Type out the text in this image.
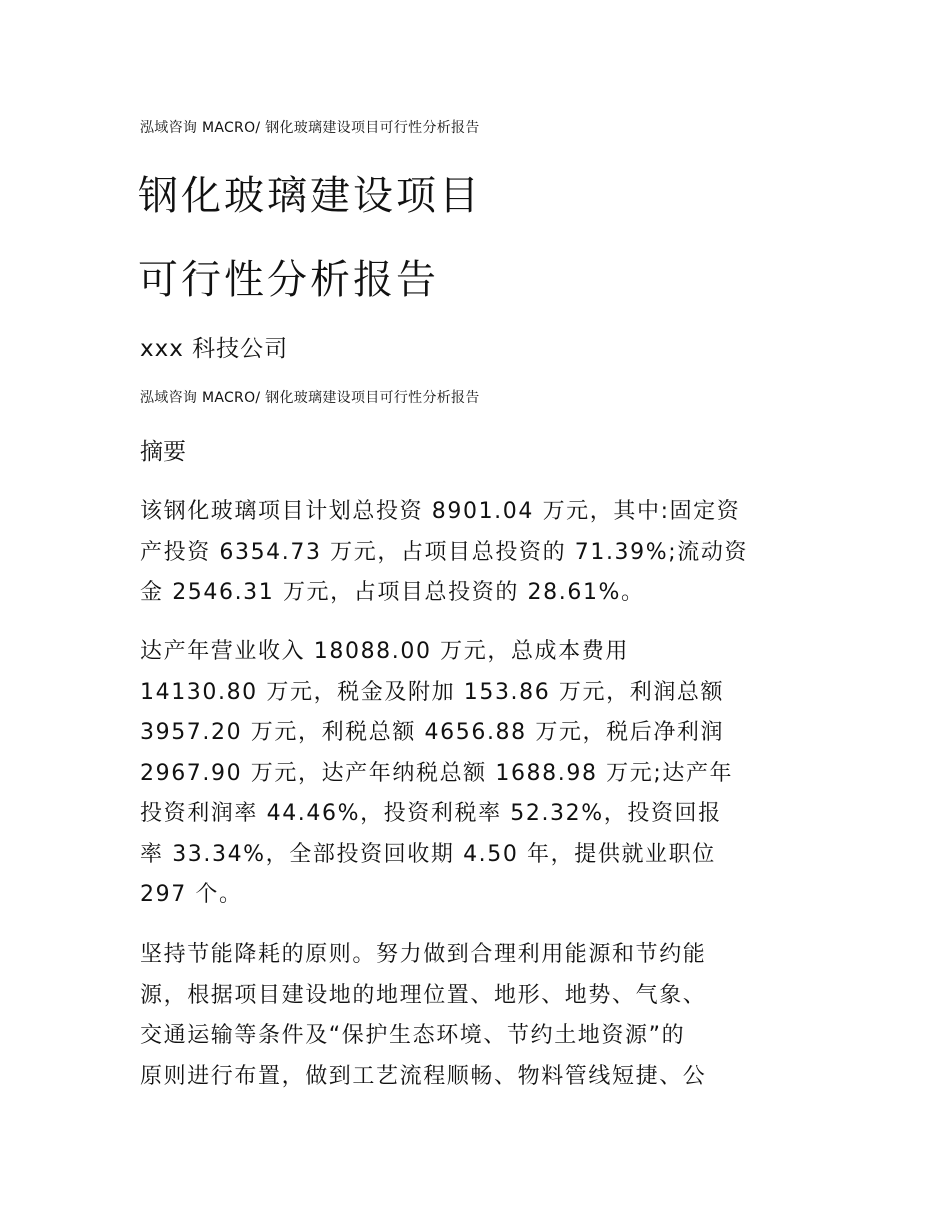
泓域咨询 MACRO/ 钢化玻璃建设项目可行性分析报告
钢化玻璃建设项目
可行性分析报告
xxx 科技公司
泓域咨询 MACRO/ 钢化玻璃建设项目可行性分析报告
摘要

该钢化玻璃项目计划总投资 8901.04 万元，其中:固定资
产投资 6354.73 万元，占项目总投资的 71.39%;流动资
金 2546.31 万元，占项目总投资的 28.61%。

达产年营业收入 18088.00 万元，总成本费用
14130.80 万元，税金及附加 153.86 万元，利润总额
3957.20 万元，利税总额 4656.88 万元，税后净利润
2967.90 万元，达产年纳税总额 1688.98 万元;达产年
投资利润率 44.46%，投资利税率 52.32%，投资回报
率 33.34%，全部投资回收期 4.50 年，提供就业职位
297 个。

坚持节能降耗的原则。努力做到合理利用能源和节约能
源，根据项目建设地的地理位置、地形、地势、气象、
交通运输等条件及“保护生态环境、节约土地资源”的
原则进行布置，做到工艺流程顺畅、物料管线短捷、公
